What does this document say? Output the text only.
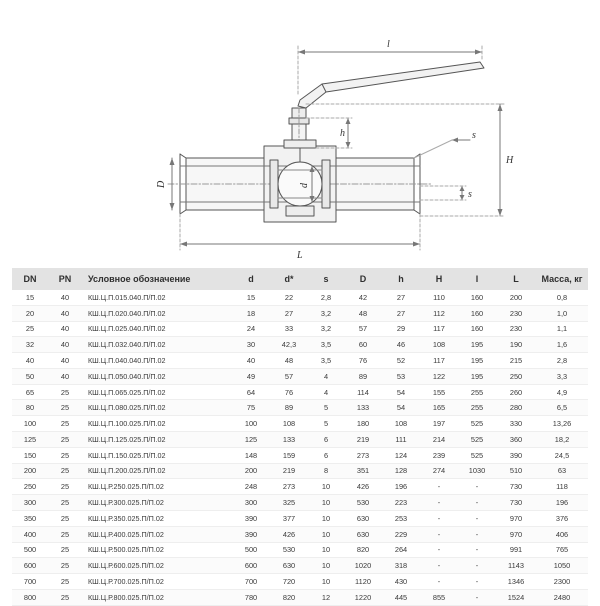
l
H
h
D	d
s
s
L
DN	PN	Условное обозначение	d	d*	s	D	h	H	l	L	Масса, кг
15	40	КШ.Ц.П.015.040.П/П.02	15	22	2,8	42	27	110	160	200	0,8
20	40	КШ.Ц.П.020.040.П/П.02	18	27	3,2	48	27	112	160	230	1,0
25	40	КШ.Ц.П.025.040.П/П.02	24	33	3,2	57	29	117	160	230	1,1
32	40	КШ.Ц.П.032.040.П/П.02	30	42,3	3,5	60	46	108	195	190	1,6
40	40	КШ.Ц.П.040.040.П/П.02	40	48	3,5	76	52	117	195	215	2,8
50	40	КШ.Ц.П.050.040.П/П.02	49	57	4	89	53	122	195	250	3,3
65	25	КШ.Ц.П.065.025.П/П.02	64	76	4	114	54	155	255	260	4,9
80	25	КШ.Ц.П.080.025.П/П.02	75	89	5	133	54	165	255	280	6,5
100	25	КШ.Ц.П.100.025.П/П.02	100	108	5	180	108	197	525	330	13,26
125	25	КШ.Ц.П.125.025.П/П.02	125	133	6	219	111	214	525	360	18,2
150	25	КШ.Ц.П.150.025.П/П.02	148	159	6	273	124	239	525	390	24,5
200	25	КШ.Ц.П.200.025.П/П.02	200	219	8	351	128	274	1030	510	63
250	25	КШ.Ц.Р.250.025.П/П.02	248	273	10	426	196	-	-	730	118
300	25	КШ.Ц.Р.300.025.П/П.02	300	325	10	530	223	-	-	730	196
350	25	КШ.Ц.Р.350.025.П/П.02	390	377	10	630	253	-	-	970	376
400	25	КШ.Ц.Р.400.025.П/П.02	390	426	10	630	229	-	-	970	406
500	25	КШ.Ц.Р.500.025.П/П.02	500	530	10	820	264	-	-	991	765
600	25	КШ.Ц.Р.600.025.П/П.02	600	630	10	1020	318	-	-	1143	1050
700	25	КШ.Ц.Р.700.025.П/П.02	700	720	10	1120	430	-	-	1346	2300
800	25	КШ.Ц.Р.800.025.П/П.02	780	820	12	1220	445	855	-	1524	2480
